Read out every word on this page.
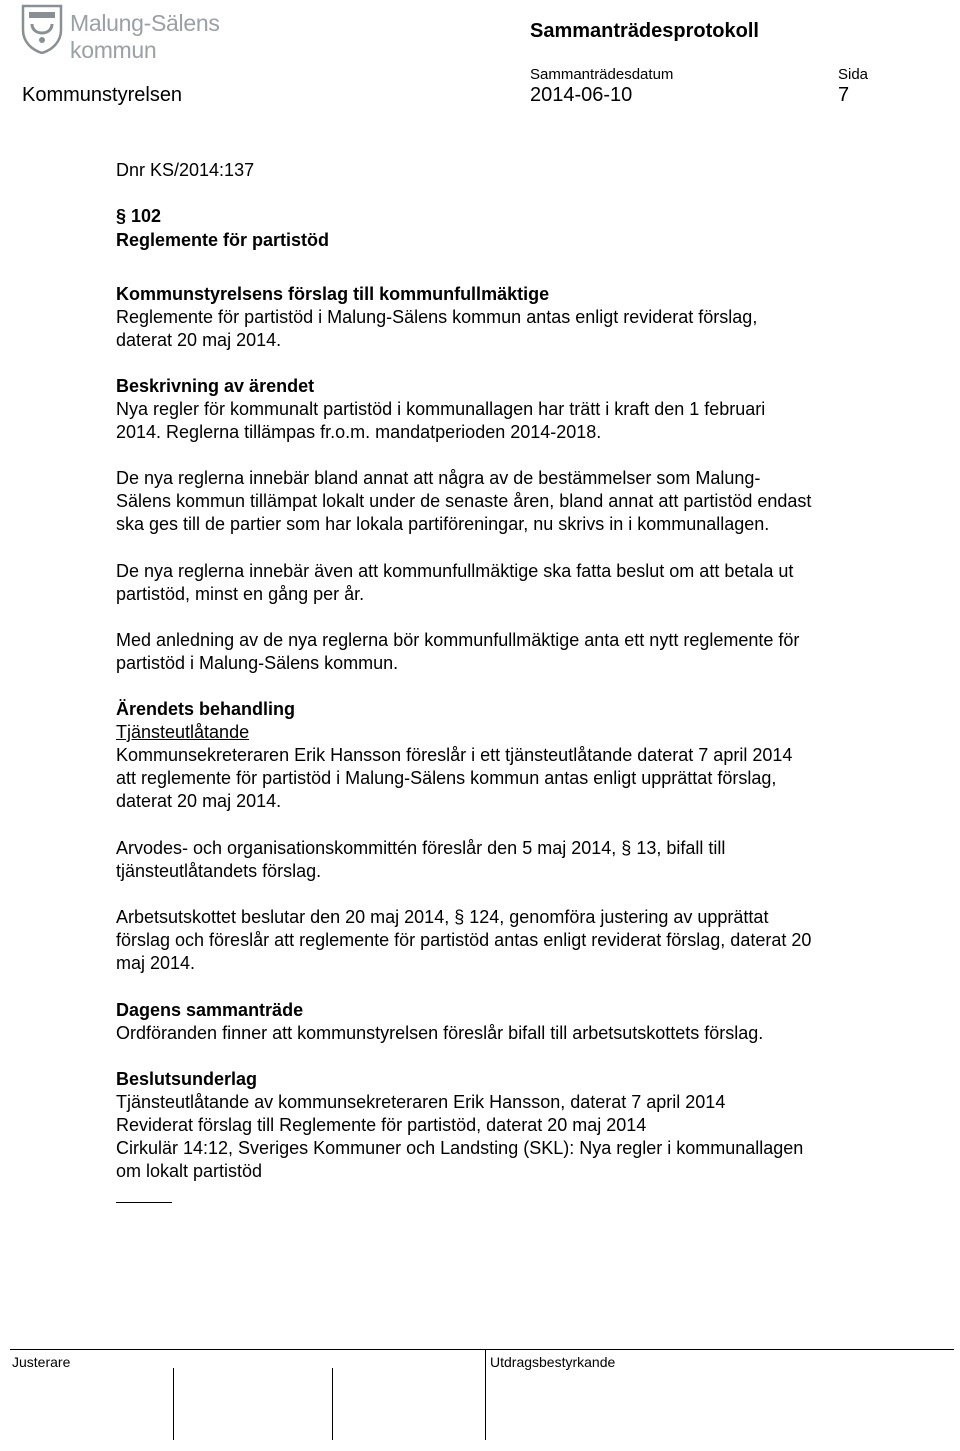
Malung-Sälens kommun
Sammanträdesprotokoll
Sammanträdesdatum	Sida
Kommunstyrelsen	2014-06-10	7
Dnr KS/2014:137
§ 102
Reglemente för partistöd

Kommunstyrelsens förslag till kommunfullmäktige

Reglemente för partistöd i Malung-Sälens kommun antas enligt reviderat förslag,

daterat 20 maj 2014.

Beskrivning av ärendet

Nya regler för kommunalt partistöd i kommunallagen har trätt i kraft den 1 februari

2014. Reglerna tillämpas fr.o.m. mandatperioden 2014-2018.

De nya reglerna innebär bland annat att några av de bestämmelser som Malung-

Sälens kommun tillämpat lokalt under de senaste åren, bland annat att partistöd endast

ska ges till de partier som har lokala partiföreningar, nu skrivs in i kommunallagen.

De nya reglerna innebär även att kommunfullmäktige ska fatta beslut om att betala ut

partistöd, minst en gång per år.

Med anledning av de nya reglerna bör kommunfullmäktige anta ett nytt reglemente för

partistöd i Malung-Sälens kommun.

Ärendets behandling

Tjänsteutlåtande

Kommunsekreteraren Erik Hansson föreslår i ett tjänsteutlåtande daterat 7 april 2014

att reglemente för partistöd i Malung-Sälens kommun antas enligt upprättat förslag,

daterat 20 maj 2014.

Arvodes- och organisationskommittén föreslår den 5 maj 2014, § 13, bifall till

tjänsteutlåtandets förslag.

Arbetsutskottet beslutar den 20 maj 2014, § 124, genomföra justering av upprättat

förslag och föreslår att reglemente för partistöd antas enligt reviderat förslag, daterat 20

maj 2014.

Dagens sammanträde

Ordföranden finner att kommunstyrelsen föreslår bifall till arbetsutskottets förslag.

Beslutsunderlag

Tjänsteutlåtande av kommunsekreteraren Erik Hansson, daterat 7 april 2014

Reviderat förslag till Reglemente för partistöd, daterat 20 maj 2014

Cirkulär 14:12, Sveriges Kommuner och Landsting (SKL): Nya regler i kommunallagen

om lokalt partistöd

Justerare	Utdragsbestyrkande
